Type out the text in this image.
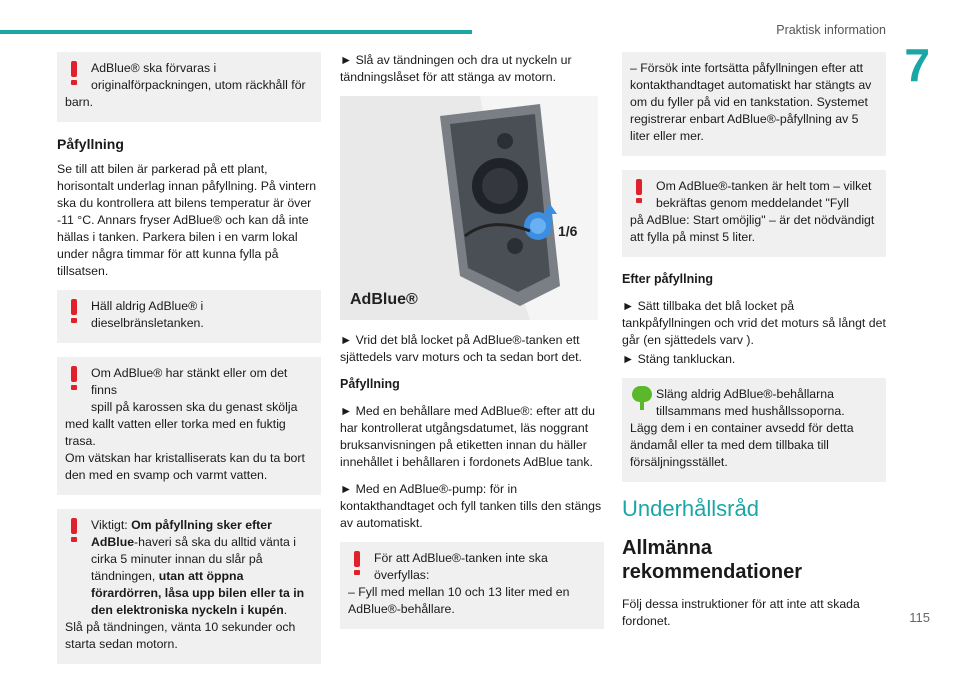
Praktisk information
7
115
AdBlue® ska förvaras i
originalförpackningen, utom räckhåll för
barn.
Påfyllning

Se till att bilen är parkerad på ett plant, horisontalt underlag innan påfyllning. På vintern ska du kontrollera att bilens temperatur är över -11 °C. Annars fryser AdBlue® och kan då inte hällas i tanken. Parkera bilen i en varm lokal under några timmar för att kunna fylla på tillsatsen.

Häll aldrig AdBlue® i dieselbränsletanken.
Om AdBlue® har stänkt eller om det finns
spill på karossen ska du genast skölja
med kallt vatten eller torka med en fuktig trasa.
Om vätskan har kristalliserats kan du ta bort den med en svamp och varmt vatten.
Viktigt: Om påfyllning sker efter AdBlue-haveri så ska du alltid vänta i cirka 5 minuter innan du slår på tändningen, utan att öppna förardörren, låsa upp bilen eller ta in den elektroniska nyckeln i kupén.
Slå på tändningen, vänta 10 sekunder och starta sedan motorn.

► Slå av tändningen och dra ut nyckeln ur tändningslåset för att stänga av motorn.

1/6
AdBlue®

► Vrid det blå locket på AdBlue®-tanken ett sjättedels varv moturs och ta sedan bort det.

Påfyllning

► Med en behållare med AdBlue®: efter att du har kontrollerat utgångsdatumet, läs noggrant bruksanvisningen på etiketten innan du häller innehållet i behållaren i fordonets AdBlue tank.

► Med en AdBlue®-pump: för in kontakthandtaget och fyll tanken tills den stängs av automatiskt.

För att AdBlue®-tanken inte ska
överfyllas:
– Fyll med mellan 10 och 13 liter med en AdBlue®-behållare.
– Försök inte fortsätta påfyllningen efter att kontakthandtaget automatiskt har stängts av om du fyller på vid en tankstation. Systemet registrerar enbart AdBlue®-påfyllning av 5 liter eller mer.
Om AdBlue®-tanken är helt tom – vilket
bekräftas genom meddelandet "Fyll
på AdBlue: Start omöjlig" – är det nödvändigt att fylla på minst 5 liter.
Efter påfyllning

► Sätt tillbaka det blå locket på tankpåfyllningen och vrid det moturs så långt det går (en sjättedels varv ).

► Stäng tankluckan.

Släng aldrig AdBlue®-behållarna
tillsammans med hushållssoporna.
Lägg dem i en container avsedd för detta ändamål eller ta med dem tillbaka till försäljningsstället.
Underhållsråd
Allmänna rekommendationer

Följ dessa instruktioner för att inte att skada fordonet.
